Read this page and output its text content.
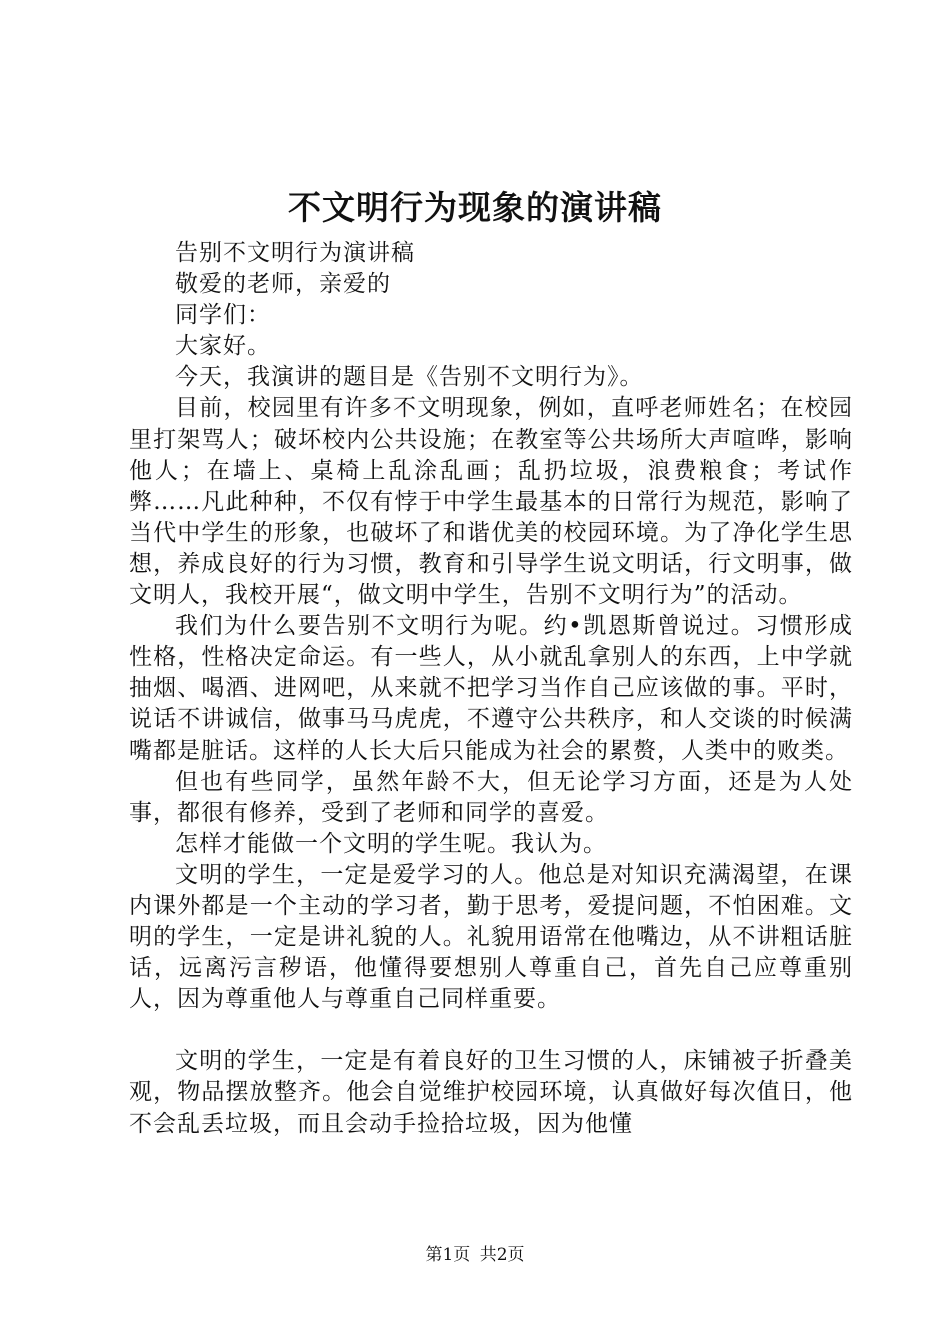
不文明行为现象的演讲稿

告别不文明行为演讲稿

敬爱的老师，亲爱的

同学们：

大家好。

今天，我演讲的题目是《告别不文明行为》。

目前，校园里有许多不文明现象，例如，直呼老师姓名；在校园里打架骂人；破坏校内公共设施；在教室等公共场所大声喧哗，影响他人；在墙上、桌椅上乱涂乱画；乱扔垃圾，浪费粮食；考试作弊……凡此种种，不仅有悖于中学生最基本的日常行为规范，影响了当代中学生的形象，也破坏了和谐优美的校园环境。为了净化学生思想，养成良好的行为习惯，教育和引导学生说文明话，行文明事，做文明人，我校开展“，做文明中学生，告别不文明行为”的活动。

我们为什么要告别不文明行为呢。约•凯恩斯曾说过。习惯形成性格，性格决定命运。有一些人，从小就乱拿别人的东西，上中学就抽烟、喝酒、进网吧，从来就不把学习当作自己应该做的事。平时，说话不讲诚信，做事马马虎虎，不遵守公共秩序，和人交谈的时候满嘴都是脏话。这样的人长大后只能成为社会的累赘，人类中的败类。

但也有些同学，虽然年龄不大，但无论学习方面，还是为人处事，都很有修养，受到了老师和同学的喜爱。

怎样才能做一个文明的学生呢。我认为。

文明的学生，一定是爱学习的人。他总是对知识充满渴望，在课内课外都是一个主动的学习者，勤于思考，爱提问题，不怕困难。文明的学生，一定是讲礼貌的人。礼貌用语常在他嘴边，从不讲粗话脏话，远离污言秽语，他懂得要想别人尊重自己，首先自己应尊重别人，因为尊重他人与尊重自己同样重要。

文明的学生，一定是有着良好的卫生习惯的人，床铺被子折叠美观，物品摆放整齐。他会自觉维护校园环境，认真做好每次值日，他不会乱丢垃圾，而且会动手捡拾垃圾，因为他懂

第1页 共2页
